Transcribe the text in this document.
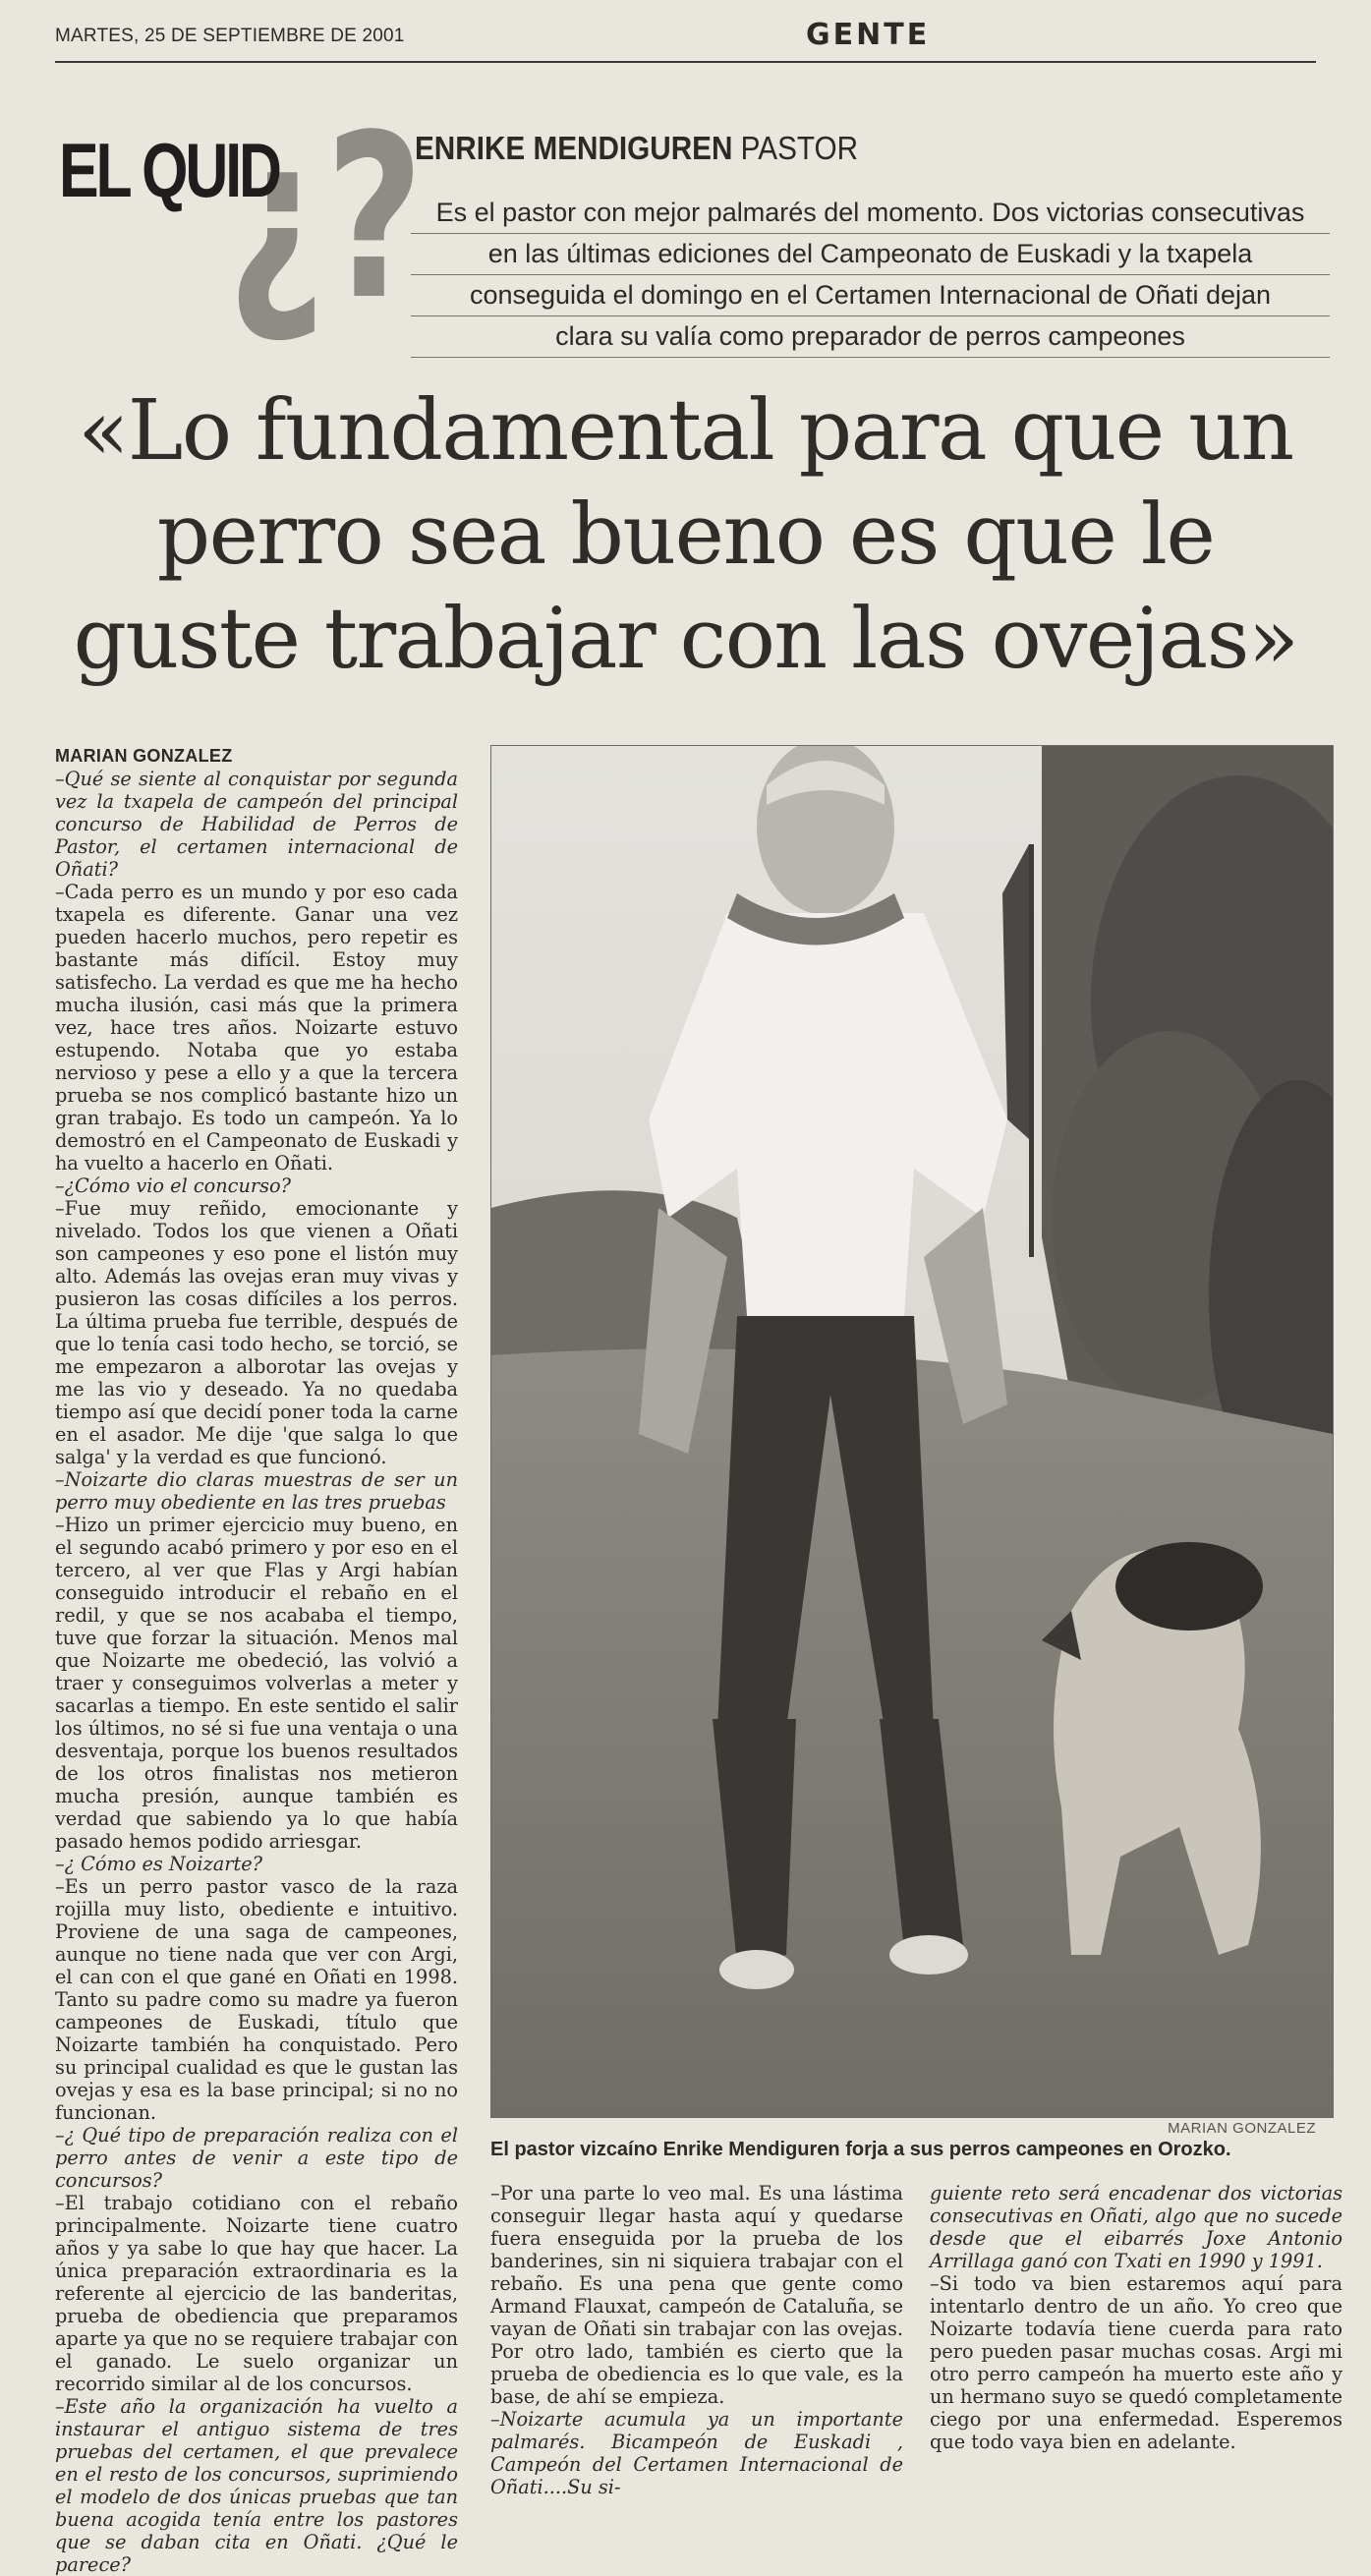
MARTES, 25 DE SEPTIEMBRE DE 2001	GENTE
¿?
EL QUID	ENRIKE MENDIGUREN PASTOR
Es el pastor con mejor palmarés del momento. Dos victorias consecutivas
en las últimas ediciones del Campeonato de Euskadi y la txapela
conseguida el domingo en el Certamen Internacional de Oñati dejan
clara su valía como preparador de perros campeones
«Lo fundamental para que un
perro sea bueno es que le
guste trabajar con las ovejas»
MARIAN GONZALEZ

–Qué se siente al conquistar por segunda vez la txapela de campeón del principal concurso de Habilidad de Perros de Pastor, el certamen internacional de Oñati?

–Cada perro es un mundo y por eso cada txapela es diferente. Ganar una vez pueden hacerlo muchos, pero repetir es bastante más difícil. Estoy muy satisfecho. La verdad es que me ha hecho mucha ilusión, casi más que la primera vez, hace tres años. Noizarte estuvo estupendo. Notaba que yo estaba nervioso y pese a ello y a que la tercera prueba se nos complicó bastante hizo un gran trabajo. Es todo un campeón. Ya lo demostró en el Campeonato de Euskadi y ha vuelto a hacerlo en Oñati.

–¿Cómo vio el concurso?

–Fue muy reñido, emocionante y nivelado. Todos los que vienen a Oñati son campeones y eso pone el listón muy alto. Además las ovejas eran muy vivas y pusieron las cosas difíciles a los perros. La última prueba fue terrible, después de que lo tenía casi todo hecho, se torció, se me empezaron a alborotar las ovejas y me las vio y deseado. Ya no quedaba tiempo así que decidí poner toda la carne en el asador. Me dije 'que salga lo que salga' y la verdad es que funcionó.

–Noizarte dio claras muestras de ser un perro muy obediente en las tres pruebas

–Hizo un primer ejercicio muy bueno, en el segundo acabó primero y por eso en el tercero, al ver que Flas y Argi habían conseguido introducir el rebaño en el redil, y que se nos acababa el tiempo, tuve que forzar la situación. Menos mal que Noizarte me obedeció, las volvió a traer y conseguimos volverlas a meter y sacarlas a tiempo. En este sentido el salir los últimos, no sé si fue una ventaja o una desventaja, porque los buenos resultados de los otros finalistas nos metieron mucha presión, aunque también es verdad que sabiendo ya lo que había pasado hemos podido arriesgar.

–¿ Cómo es Noizarte?

–Es un perro pastor vasco de la raza rojilla muy listo, obediente e intuitivo. Proviene de una saga de campeones, aunque no tiene nada que ver con Argi, el can con el que gané en Oñati en 1998. Tanto su padre como su madre ya fueron campeones de Euskadi, título que Noizarte también ha conquistado. Pero su principal cualidad es que le gustan las ovejas y esa es la base principal; si no no funcionan.

–¿ Qué tipo de preparación realiza con el perro antes de venir a este tipo de concursos?

–El trabajo cotidiano con el rebaño principalmente. Noizarte tiene cuatro años y ya sabe lo que hay que hacer. La única preparación extraordinaria es la referente al ejercicio de las banderitas, prueba de obediencia que preparamos aparte ya que no se requiere trabajar con el ganado. Le suelo organizar un recorrido similar al de los concursos.

–Este año la organización ha vuelto a instaurar el antiguo sistema de tres pruebas del certamen, el que prevalece en el resto de los concursos, suprimiendo el modelo de dos únicas pruebas que tan buena acogida tenía entre los pastores que se daban cita en Oñati. ¿Qué le parece?

MARIAN GONZALEZ
El pastor vizcaíno Enrike Mendiguren forja a sus perros campeones en Orozko.

–Por una parte lo veo mal. Es una lástima conseguir llegar hasta aquí y quedarse fuera enseguida por la prueba de los banderines, sin ni siquiera trabajar con el rebaño. Es una pena que gente como Armand Flauxat, campeón de Cataluña, se vayan de Oñati sin trabajar con las ovejas. Por otro lado, también es cierto que la prueba de obediencia es lo que vale, es la base, de ahí se empieza.

–Noizarte acumula ya un importante palmarés. Bicampeón de Euskadi , Campeón del Certamen Internacional de Oñati....Su si-

guiente reto será encadenar dos victorias consecutivas en Oñati, algo que no sucede desde que el eibarrés Joxe Antonio Arrillaga ganó con Txati en 1990 y 1991.

–Si todo va bien estaremos aquí para intentarlo dentro de un año. Yo creo que Noizarte todavía tiene cuerda para rato pero pueden pasar muchas cosas. Argi mi otro perro campeón ha muerto este año y un hermano suyo se quedó completamente ciego por una enfermedad. Esperemos que todo vaya bien en adelante.
